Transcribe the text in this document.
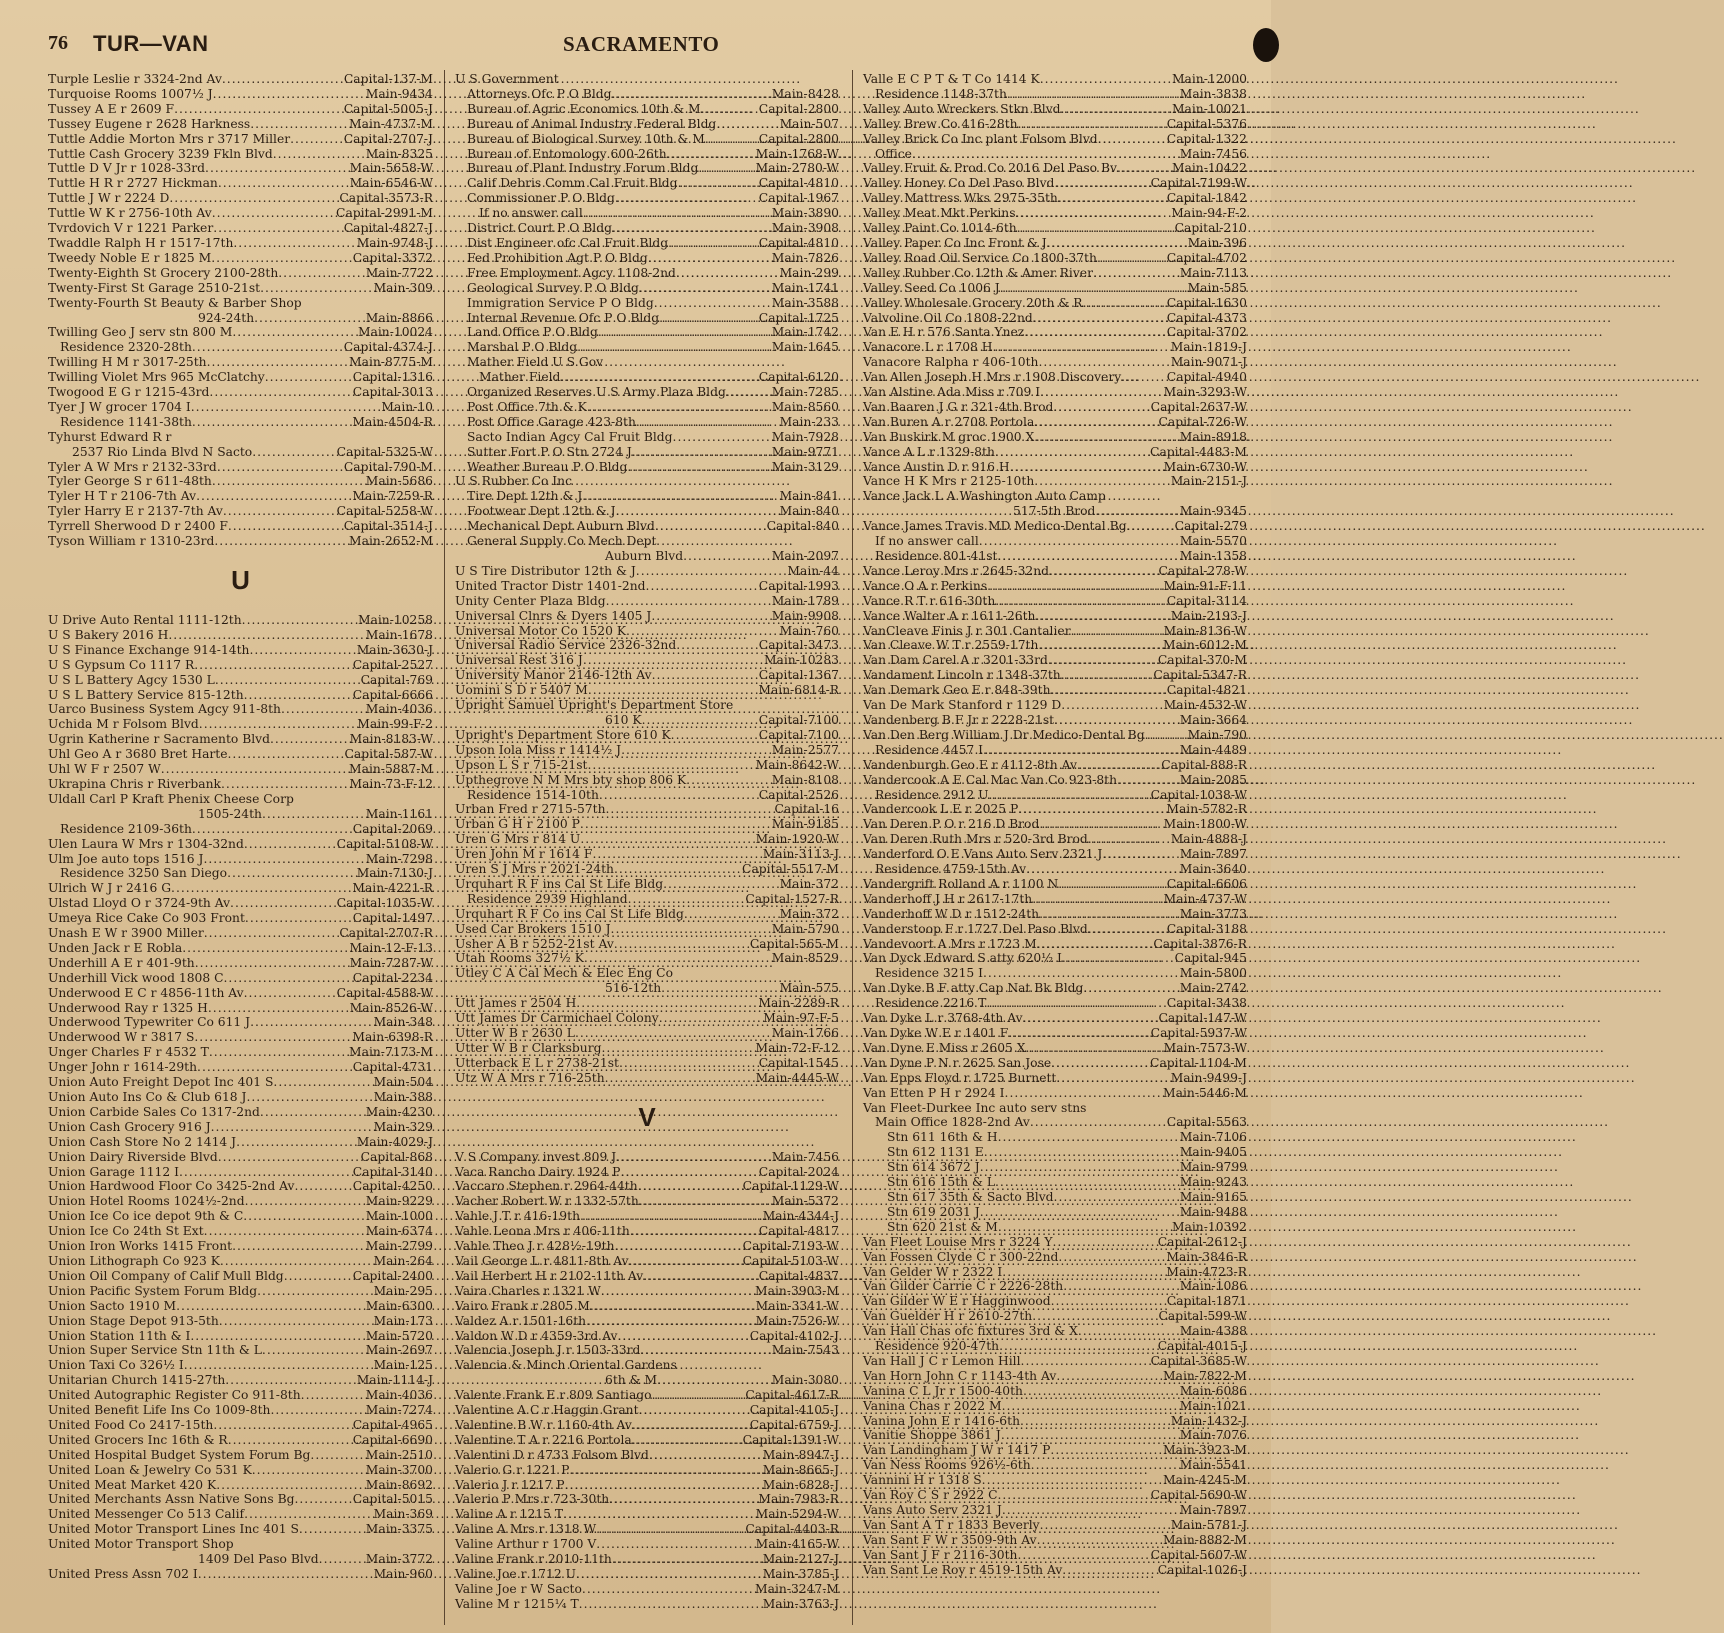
76 TUR—VAN	SACRAMENTO
Turple Leslie r 3324-2nd Av .....	Capital-137-M
Turquoise Rooms 1007½ J .....	Main-9434
Tussey A E r 2609 F .....	Capital-5005-J
Tussey Eugene r 2628 Harkness .....	Main-4737-M
Tuttle Addie Morton Mrs r 3717 Miller .....	Capital-2707-J
Tuttle Cash Grocery 3239 Fkln Blvd .....	Main-8325
Tuttle D V Jr r 1028-33rd .....	Main-5658-W
Tuttle H R r 2727 Hickman .....	Main-6546-W
Tuttle J W r 2224 D .....	Capital-3573-R
Tuttle W K r 2756-10th Av .....	Capital-2991-M
Tvrdovich V r 1221 Parker .....	Capital-4827-J
Twaddle Ralph H r 1517-17th .....	Main-9748-J
Tweedy Noble E r 1825 M .....	Capital-3372
Twenty-Eighth St Grocery 2100-28th .....	Main-7722
Twenty-First St Garage 2510-21st .....	Main-309
Twenty-Fourth St Beauty & Barber Shop
924-24th .....	Main-8866
Twilling Geo J serv stn 800 M .....	Main-10024
Residence 2320-28th .....	Capital-4374-J
Twilling H M r 3017-25th .....	Main-8775-M
Twilling Violet Mrs 965 McClatchy .....	Capital-1316
Twogood E G r 1215-43rd .....	Capital-3013
Tyer J W grocer 1704 I .....	Main-10
Residence 1141-38th .....	Main-4504-R
Tyhurst Edward R r
2537 Rio Linda Blvd N Sacto .....	Capital-5325-W
Tyler A W Mrs r 2132-33rd .....	Capital-790-M
Tyler George S r 611-48th .....	Main-5686
Tyler H T r 2106-7th Av .....	Main-7259-R
Tyler Harry E r 2137-7th Av .....	Capital-5258-W
Tyrrell Sherwood D r 2400 F .....	Capital-3514-J
Tyson William r 1310-23rd .....	Main-2652-M
U
U Drive Auto Rental 1111-12th .....	Main-10258
U S Bakery 2016 H .....	Main-1678
U S Finance Exchange 914-14th .....	Main-3630-J
U S Gypsum Co 1117 R .....	Capital-2527
U S L Battery Agcy 1530 L .....	Capital-769
U S L Battery Service 815-12th .....	Capital-6666
Uarco Business System Agcy 911-8th .....	Main-4036
Uchida M r Folsom Blvd .....	Main-99-F-2
Ugrin Katherine r Sacramento Blvd .....	Main-8183-W
Uhl Geo A r 3680 Bret Harte .....	Capital-587-W
Uhl W F r 2507 W .....	Main-5887-M
Ukrapina Chris r Riverbank .....	Main-73-F-12
Uldall Carl P Kraft Phenix Cheese Corp
1505-24th .....	Main-1161
Residence 2109-36th .....	Capital-2069
Ulen Laura W Mrs r 1304-32nd .....	Capital-5108-W
Ulm Joe auto tops 1516 J .....	Main-7298
Residence 3250 San Diego .....	Main-7130-J
Ulrich W J r 2416 G .....	Main-4221-R
Ulstad Lloyd O r 3724-9th Av .....	Capital-1035-W
Umeya Rice Cake Co 903 Front .....	Capital-1497
Unash E W r 3900 Miller .....	Capital-2707-R
Unden Jack r E Robla .....	Main-12-F-13
Underhill A E r 401-9th .....	Main-7287-W
Underhill Vick wood 1808 C .....	Capital-2234
Underwood E C r 4856-11th Av .....	Capital-4588-W
Underwood Ray r 1325 H .....	Main-8526-W
Underwood Typewriter Co 611 J .....	Main-348
Underwood W r 3817 S .....	Main-6398-R
Unger Charles F r 4532 T .....	Main-7173-M
Unger John r 1614-29th .....	Capital-4731
Union Auto Freight Depot Inc 401 S .....	Main-504
Union Auto Ins Co & Club 618 J .....	Main-388
Union Carbide Sales Co 1317-2nd .....	Main-4230
Union Cash Grocery 916 J .....	Main-329
Union Cash Store No 2 1414 J .....	Main-4029-J
Union Dairy Riverside Blvd .....	Capital-868
Union Garage 1112 I .....	Capital-3140
Union Hardwood Floor Co 3425-2nd Av .....	Capital-4250
Union Hotel Rooms 1024½-2nd .....	Main-9229
Union Ice Co ice depot 9th & C .....	Main-1000
Union Ice Co 24th St Ext .....	Main-6374
Union Iron Works 1415 Front .....	Main-2799
Union Lithograph Co 923 K .....	Main-264
Union Oil Company of Calif Mull Bldg .....	Capital-2400
Union Pacific System Forum Bldg .....	Main-295
Union Sacto 1910 M .....	Main-6300
Union Stage Depot 913-5th .....	Main-173
Union Station 11th & I .....	Main-5720
Union Super Service Stn 11th & L .....	Main-2697
Union Taxi Co 326½ I .....	Main-125
Unitarian Church 1415-27th .....	Main-1114-J
United Autographic Register Co 911-8th .....	Main-4036
United Benefit Life Ins Co 1009-8th .....	Main-7274
United Food Co 2417-15th .....	Capital-4965
United Grocers Inc 16th & R .....	Capital-6690
United Hospital Budget System Forum Bg .....	Main-2510
United Loan & Jewelry Co 531 K .....	Main-3700
United Meat Market 420 K .....	Main-8692
United Merchants Assn Native Sons Bg .....	Capital-5015
United Messenger Co 513 Calif .....	Main-369
United Motor Transport Lines Inc 401 S .....	Main-3375
United Motor Transport Shop
1409 Del Paso Blvd .....	Main-3772
United Press Assn 702 I .....	Main-960
U S Government
Attorneys Ofc P O Bldg .....	Main-8428
Bureau of Agric Economics 10th & M .....	Capital-2800
Bureau of Animal Industry Federal Bldg .....	Main-507
Bureau of Biological Survey 10th & M .....	Capital-2800
Bureau of Entomology 600-26th .....	Main-1768-W
Bureau of Plant Industry Forum Bldg .....	Main-2780-W
Calif Debris Comm Cal Fruit Bldg .....	Capital-4810
Commissioner P O Bldg .....	Capital-1967
If no answer call .....	Main-3890
District Court P O Bldg .....	Main-3908
Dist Engineer ofc Cal Fruit Bldg .....	Capital-4810
Fed Prohibition Agt P O Bldg .....	Main-7826
Free Employment Agcy 1108-2nd .....	Main-299
Geological Survey P O Bldg .....	Main-1741
Immigration Service P O Bldg .....	Main-3588
Internal Revenue Ofc P O Bldg .....	Capital-1725
Land Office P O Bldg .....	Main-1742
Marshal P O Bldg .....	Main-1645
Mather Field U S Gov
Mather Field .....	Capital-6120
Organized Reserves U S Army Plaza Bldg .....	Main-7285
Post Office 7th & K .....	Main-8560
Post Office Garage 423-8th .....	Main-233
Sacto Indian Agcy Cal Fruit Bldg .....	Main-7928
Sutter Fort P O Stn 2724 J .....	Main-9771
Weather Bureau P O Bldg .....	Main-3129
U S Rubber Co Inc
Tire Dept 12th & J .....	Main-841
Footwear Dept 12th & J .....	Main-840
Mechanical Dept Auburn Blvd .....	Capital-840
General Supply Co Mech Dept
Auburn Blvd .....	Main-2097
U S Tire Distributor 12th & J .....	Main-44
United Tractor Distr 1401-2nd .....	Capital-1993
Unity Center Plaza Bldg .....	Main-1789
Universal Clnrs & Dyers 1405 J .....	Main-9908
Universal Motor Co 1520 K .....	Main-760
Universal Radio Service 2326-32nd .....	Capital-3473
Universal Rest 316 J .....	Main-10283
University Manor 2146-12th Av .....	Capital-1367
Uomini S D r 5407 M .....	Main-6814-R
Upright Samuel Upright's Department Store
610 K .....	Capital-7100
Upright's Department Store 610 K .....	Capital-7100
Upson Iola Miss r 1414½ J .....	Main-2577
Upson L S r 715-21st .....	Main-8642-W
Upthegrove N M Mrs bty shop 806 K .....	Main-8108
Residence 1514-10th .....	Capital-2526
Urban Fred r 2715-57th .....	Capital-16
Urban G H r 2100 P .....	Main-9185
Uren G Mrs r 814 U .....	Main-1920-W
Uren John M r 1614 F .....	Main-3113-J
Uren S J Mrs r 2021-24th .....	Capital-5517-M
Urquhart R F ins Cal St Life Bldg .....	Main-372
Residence 2939 Highland .....	Capital-1527-R
Urquhart R F Co ins Cal St Life Bldg .....	Main-372
Used Car Brokers 1510 J .....	Main-5790
Usher A B r 5252-21st Av .....	Capital-565-M
Utah Rooms 327½ K .....	Main-8529
Utley C A Cal Mech & Elec Eng Co
516-12th .....	Main-575
Utt James r 2504 H .....	Main-2289-R
Utt James Dr Carmichael Colony .....	Main-97-F-5
Utter W B r 2630 L .....	Main-1766
Utter W B r Clarksburg .....	Main-72-F-12
Utterback E L r 2738-21st .....	Capital-1545
Utz W A Mrs r 716-25th .....	Main-4445-W
V
V S Company invest 809 J .....	Main-7456
Vaca Rancho Dairy 1924 P .....	Capital-2024
Vaccaro Stephen r 2964-44th .....	Capital-1129-W
Vacher Robert W r 1332-57th .....	Main-5372
Vahle J T r 416-19th .....	Main-4344-J
Vahle Leona Mrs r 406-11th .....	Capital-4817
Vahle Theo J r 428½-19th .....	Capital-7193-W
Vail George L r 4811-8th Av .....	Capital-5103-W
Vail Herbert H r 2102-11th Av .....	Capital-4837
Vaira Charles r 1321 W .....	Main-3903-M
Vairo Frank r 2805 M .....	Main-3341-W
Valdez A r 1501-16th .....	Main-7526-W
Valdon W D r 4359-3rd Av .....	Capital-4102-J
Valencia Joseph J r 1503-33rd .....	Main-7543
Valencia & Minch Oriental Gardens
6th & M .....	Main-3080
Valente Frank E r 809 Santiago .....	Capital-4617-R
Valentine A C r Haggin Grant .....	Capital-4105-J
Valentine B W r 1160-4th Av .....	Capital-6759-J
Valentine T A r 2216 Portola .....	Capital-1391-W
Valentini D r 4733 Folsom Blvd .....	Main-8947-J
Valerio G r 1221 P .....	Main-8665-J
Valerio J r 1217 P .....	Main-6828-J
Valerio P Mrs r 723-30th .....	Main-7983-R
Valine A r 1215 T .....	Main-5294-W
Valine A Mrs r 1318 W .....	Capital-4403-R
Valine Arthur r 1700 V .....	Main-4165-W
Valine Frank r 2010-11th .....	Main-2127-J
Valine Joe r 1712 U .....	Main-3785-J
Valine Joe r W Sacto .....	Main-3247-M
Valine M r 1215¼ T .....	Main-3763-J
Valle E C P T & T Co 1414 K .....	Main-12000
Residence 1148-37th .....	Main-3838
Valley Auto Wreckers Stkn Blvd .....	Main-10021
Valley Brew Co 416-28th .....	Capital-5376
Valley Brick Co Inc plant Folsom Blvd .....	Capital-1322
Office .....	Main-7456
Valley Fruit & Prod Co 2016 Del Paso Bv .....	Main-10422
Valley Honey Co Del Paso Blvd .....	Capital-7199-W
Valley Mattress Wks 2975-35th .....	Capital-1842
Valley Meat Mkt Perkins .....	Main-94-F-2
Valley Paint Co 1014-6th .....	Capital-210
Valley Paper Co Inc Front & J .....	Main-396
Valley Road Oil Service Co 1800-37th .....	Capital-4702
Valley Rubber Co 12th & Amer River .....	Main-7113
Valley Seed Co 1006 J .....	Main-585
Valley Wholesale Grocery 20th & R .....	Capital-1630
Valvoline Oil Co 1808-22nd .....	Capital-4373
Van E H r 576 Santa Ynez .....	Capital-3702
Vanacore L r 1708 H .....	Main-1819-J
Vanacore Ralpha r 406-10th .....	Main-9071-J
Van Allen Joseph H Mrs r 1908 Discovery .....	Capital-4940
Van Alstine Ada Miss r 709 I .....	Main-3293-W
Van Baaren J G r 321-4th Brod .....	Capital-2637-W
Van Buren A r 2708 Portola .....	Capital-726-W
Van Buskirk M groc 1900 X .....	Main-8918
Vance A L r 1329-8th .....	Capital-4483-M
Vance Austin D r 916 H .....	Main-6730-W
Vance H K Mrs r 2125-10th .....	Main-2151-J
Vance Jack L A Washington Auto Camp
517-5th Brod .....	Main-9345
Vance James Travis MD Medico-Dental Bg .....	Capital-279
If no answer call .....	Main-5570
Residence 801-41st .....	Main-1358
Vance Leroy Mrs r 2645-32nd .....	Capital-278-W
Vance O A r Perkins .....	Main-91-F-11
Vance R T r 616-30th .....	Capital-3114
Vance Walter A r 1611-26th .....	Main-2193-J
VanCleave Finis J r 301 Cantalier .....	Main-8136-W
Van Cleave W T r 2559-17th .....	Main-6012-M
Van Dam Carel A r 3201-33rd .....	Capital-370-M
Vandament Lincoln r 1348-37th .....	Capital-5347-R
Van Demark Geo E r 848-39th .....	Capital-4821
Van De Mark Stanford r 1129 D .....	Main-4532-W
Vandenberg B F Jr r 2228-21st .....	Main-3664
Van Den Berg William J Dr Medico-Dental Bg .....	Main-790
Residence 4457 I .....	Main-4489
Vandenburgh Geo E r 4112-8th Av .....	Capital-888-R
Vandercook A E Cal Mac Van Co 923-8th .....	Main-2085
Residence 2912 U .....	Capital-1038-W
Vandercook L E r 2025 P .....	Main-5782-R
Van Deren P O r 216 D Brod .....	Main-1800-W
Van Deren Ruth Mrs r 520-3rd Brod .....	Main-4888-J
Vanderford O E Vans Auto Serv 2321 J .....	Main-7897
Residence 4759-15th Av .....	Main-3640
Vandergrift Rolland A r 1100 N .....	Capital-6606
Vanderhoff J H r 2617-17th .....	Main-4737-W
Vanderhoff W D r 1512-24th .....	Main-3773
Vanderstoop F r 1727 Del Paso Blvd .....	Capital-3188
Vandevoort A Mrs r 1723 M .....	Capital-3876-R
Van Dyck Edward S atty 620½ I .....	Capital-945
Residence 3215 I .....	Main-5800
Van Dyke B F atty Cap Nat Bk Bldg .....	Main-2742
Residence 2216 T .....	Capital-3438
Van Dyke L r 3768-4th Av .....	Capital-147-W
Van Dyke W E r 1401 F .....	Capital-5937-W
Van Dyne E Miss r 2605 X .....	Main-7573-W
Van Dyne P N r 2625 San Jose .....	Capital-1104-M
Van Epps Floyd r 1725 Burnett .....	Main-9499-J
Van Etten P H r 2924 I .....	Main-5446-M
Van Fleet-Durkee Inc auto serv stns
Main Office 1828-2nd Av .....	Capital-5563
Stn 611 16th & H .....	Main-7106
Stn 612 1131 E .....	Main-9405
Stn 614 3672 J .....	Main-9799
Stn 616 15th & L .....	Main-9243
Stn 617 35th & Sacto Blvd .....	Main-9165
Stn 619 2031 J .....	Main-9488
Stn 620 21st & M .....	Main-10392
Van Fleet Louise Mrs r 3224 Y .....	Capital-2612-J
Van Fossen Clyde C r 300-22nd .....	Main-3846-R
Van Gelder W r 2322 I .....	Main-4723-R
Van Gilder Carrie C r 2226-28th .....	Main-1086
Van Gilder W E r Hagginwood .....	Capital-1871
Van Guelder H r 2610-27th .....	Capital-599-W
Van Hall Chas ofc fixtures 3rd & X .....	Main-4388
Residence 920-47th .....	Capital-4015-J
Van Hall J C r Lemon Hill .....	Capital-3685-W
Van Horn John C r 1143-4th Av .....	Main-7822-M
Vanina C L Jr r 1500-40th .....	Main-6086
Vanina Chas r 2022 M .....	Main-1021
Vanina John E r 1416-6th .....	Main-1432-J
Vanitie Shoppe 3861 J .....	Main-7076
Van Landingham J W r 1417 P .....	Main-3923-M
Van Ness Rooms 926½-6th .....	Main-5541
Vannini H r 1318 S .....	Main-4245-M
Van Roy C S r 2922 C .....	Capital-5690-W
Vans Auto Serv 2321 J .....	Main-7897
Van Sant A T r 1833 Beverly .....	Main-5781-J
Van Sant F W r 3509-9th Av .....	Main-8882-M
Van Sant J F r 2116-30th .....	Capital-5607-W
Van Sant Le Roy r 4519-15th Av .....	Capital-1026-J
